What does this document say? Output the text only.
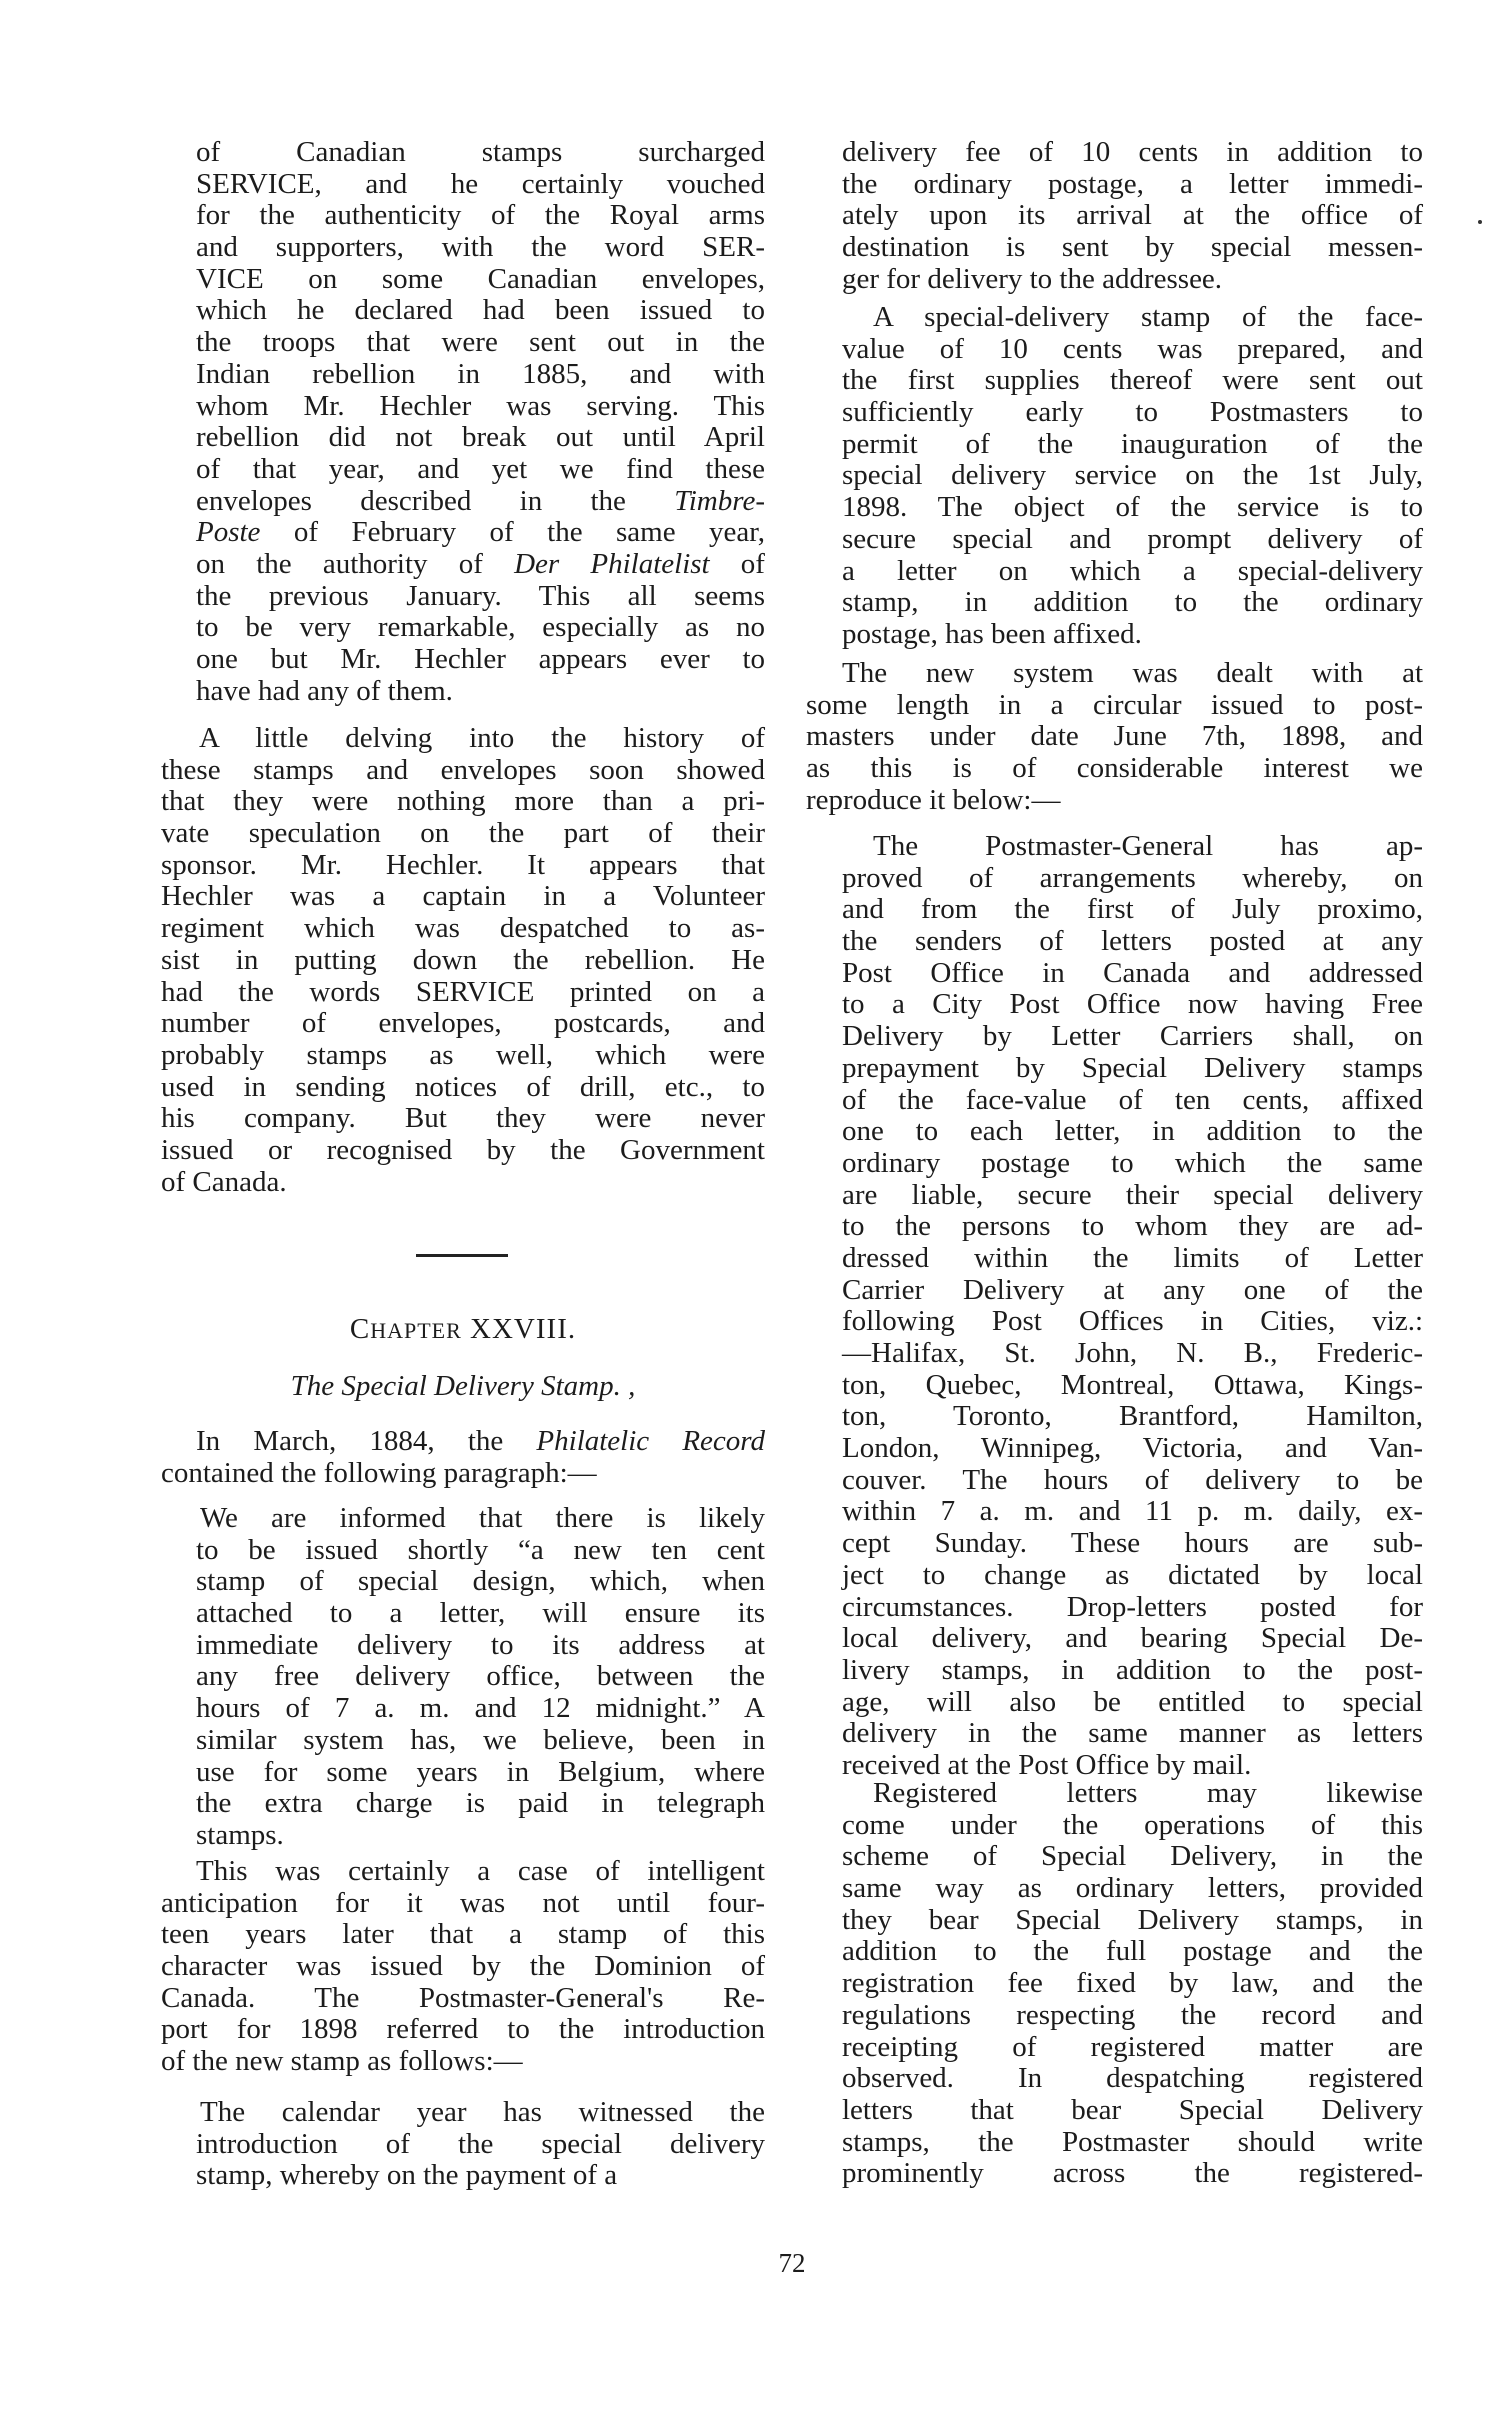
of Canadian stamps surcharged
SERVICE, and he certainly vouched
for the authenticity of the Royal arms
and supporters, with the word SER-
VICE on some Canadian envelopes,
which he declared had been issued to
the troops that were sent out in the
Indian rebellion in 1885, and with
whom Mr. Hechler was serving. This
rebellion did not break out until April
of that year, and yet we find these
envelopes described in the Timbre-
Poste of February of the same year,
on the authority of Der Philatelist of
the previous January. This all seems
to be very remarkable, especially as no
one but Mr. Hechler appears ever to
have had any of them.
A little delving into the history of
these stamps and envelopes soon showed
that they were nothing more than a pri-
vate speculation on the part of their
sponsor. Mr. Hechler. It appears that
Hechler was a captain in a Volunteer
regiment which was despatched to as-
sist in putting down the rebellion. He
had the words SERVICE printed on a
number of envelopes, postcards, and
probably stamps as well, which were
used in sending notices of drill, etc., to
his company. But they were never
issued or recognised by the Government
of Canada.
CHAPTER XXVIII.
The Special Delivery Stamp. ,
In March, 1884, the Philatelic Record
contained the following paragraph:—
We are informed that there is likely
to be issued shortly “a new ten cent
stamp of special design, which, when
attached to a letter, will ensure its
immediate delivery to its address at
any free delivery office, between the
hours of 7 a. m. and 12 midnight.” A
similar system has, we believe, been in
use for some years in Belgium, where
the extra charge is paid in telegraph
stamps.
This was certainly a case of intelligent
anticipation for it was not until four-
teen years later that a stamp of this
character was issued by the Dominion of
Canada. The Postmaster-General's Re-
port for 1898 referred to the introduction
of the new stamp as follows:—
The calendar year has witnessed the
introduction of the special delivery
stamp, whereby on the payment of a
delivery fee of 10 cents in addition to
the ordinary postage, a letter immedi-
ately upon its arrival at the office of
destination is sent by special messen-
ger for delivery to the addressee.
A special-delivery stamp of the face-
value of 10 cents was prepared, and
the first supplies thereof were sent out
sufficiently early to Postmasters to
permit of the inauguration of the
special delivery service on the 1st July,
1898. The object of the service is to
secure special and prompt delivery of
a letter on which a special-delivery
stamp, in addition to the ordinary
postage, has been affixed.
The new system was dealt with at
some length in a circular issued to post-
masters under date June 7th, 1898, and
as this is of considerable interest we
reproduce it below:—
The Postmaster-General has ap-
proved of arrangements whereby, on
and from the first of July proximo,
the senders of letters posted at any
Post Office in Canada and addressed
to a City Post Office now having Free
Delivery by Letter Carriers shall, on
prepayment by Special Delivery stamps
of the face-value of ten cents, affixed
one to each letter, in addition to the
ordinary postage to which the same
are liable, secure their special delivery
to the persons to whom they are ad-
dressed within the limits of Letter
Carrier Delivery at any one of the
following Post Offices in Cities, viz.:
—Halifax, St. John, N. B., Frederic-
ton, Quebec, Montreal, Ottawa, Kings-
ton, Toronto, Brantford, Hamilton,
London, Winnipeg, Victoria, and Van-
couver. The hours of delivery to be
within 7 a. m. and 11 p. m. daily, ex-
cept Sunday. These hours are sub-
ject to change as dictated by local
circumstances. Drop-letters posted for
local delivery, and bearing Special De-
livery stamps, in addition to the post-
age, will also be entitled to special
delivery in the same manner as letters
received at the Post Office by mail.
Registered letters may likewise
come under the operations of this
scheme of Special Delivery, in the
same way as ordinary letters, provided
they bear Special Delivery stamps, in
addition to the full postage and the
registration fee fixed by law, and the
regulations respecting the record and
receipting of registered matter are
observed. In despatching registered
letters that bear Special Delivery
stamps, the Postmaster should write
prominently across the registered-
72
